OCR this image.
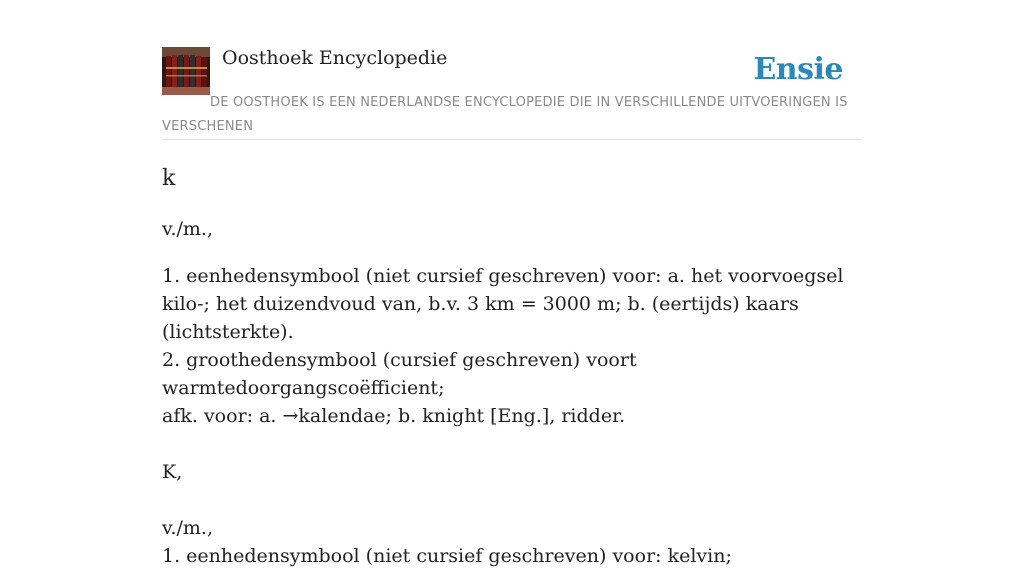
Oosthoek Encyclopedie	Ensie
DE OOSTHOEK IS EEN NEDERLANDSE ENCYCLOPEDIE DIE IN VERSCHILLENDE UITVOERINGEN IS VERSCHENEN
k

v./m.,

1. eenhedensymbool (niet cursief geschreven) voor: a. het voorvoegsel kilo-; het duizendvoud van, b.v. 3 km = 3000 m; b. (eertijds) kaars (lichtsterkte).

2. groothedensymbool (cursief geschreven) voort warmtedoorgangscoëfficient;

afk. voor: a. →kalendae; b. knight [Eng.], ridder.

K,

v./m.,

1. eenhedensymbool (niet cursief geschreven) voor: kelvin;
